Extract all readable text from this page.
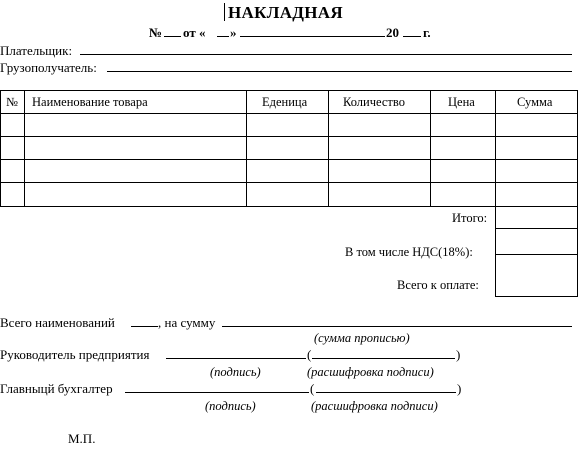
НАКЛАДНАЯ
№ от « »	20 г.
Плательщик:
Грузополучатель:
№ Наименование товара	Еденица	Количество	Цена	Сумма
Итого:
В том числе НДС(18%):
Всего к оплате:
Всего наименований	, на сумму
(сумма прописью)
Руководитель предприятия	(	)
(подпись)	(расшифровка подписи)
Главныцй бухгалтер	(	)
(подпись)	(расшифровка подписи)
М.П.
